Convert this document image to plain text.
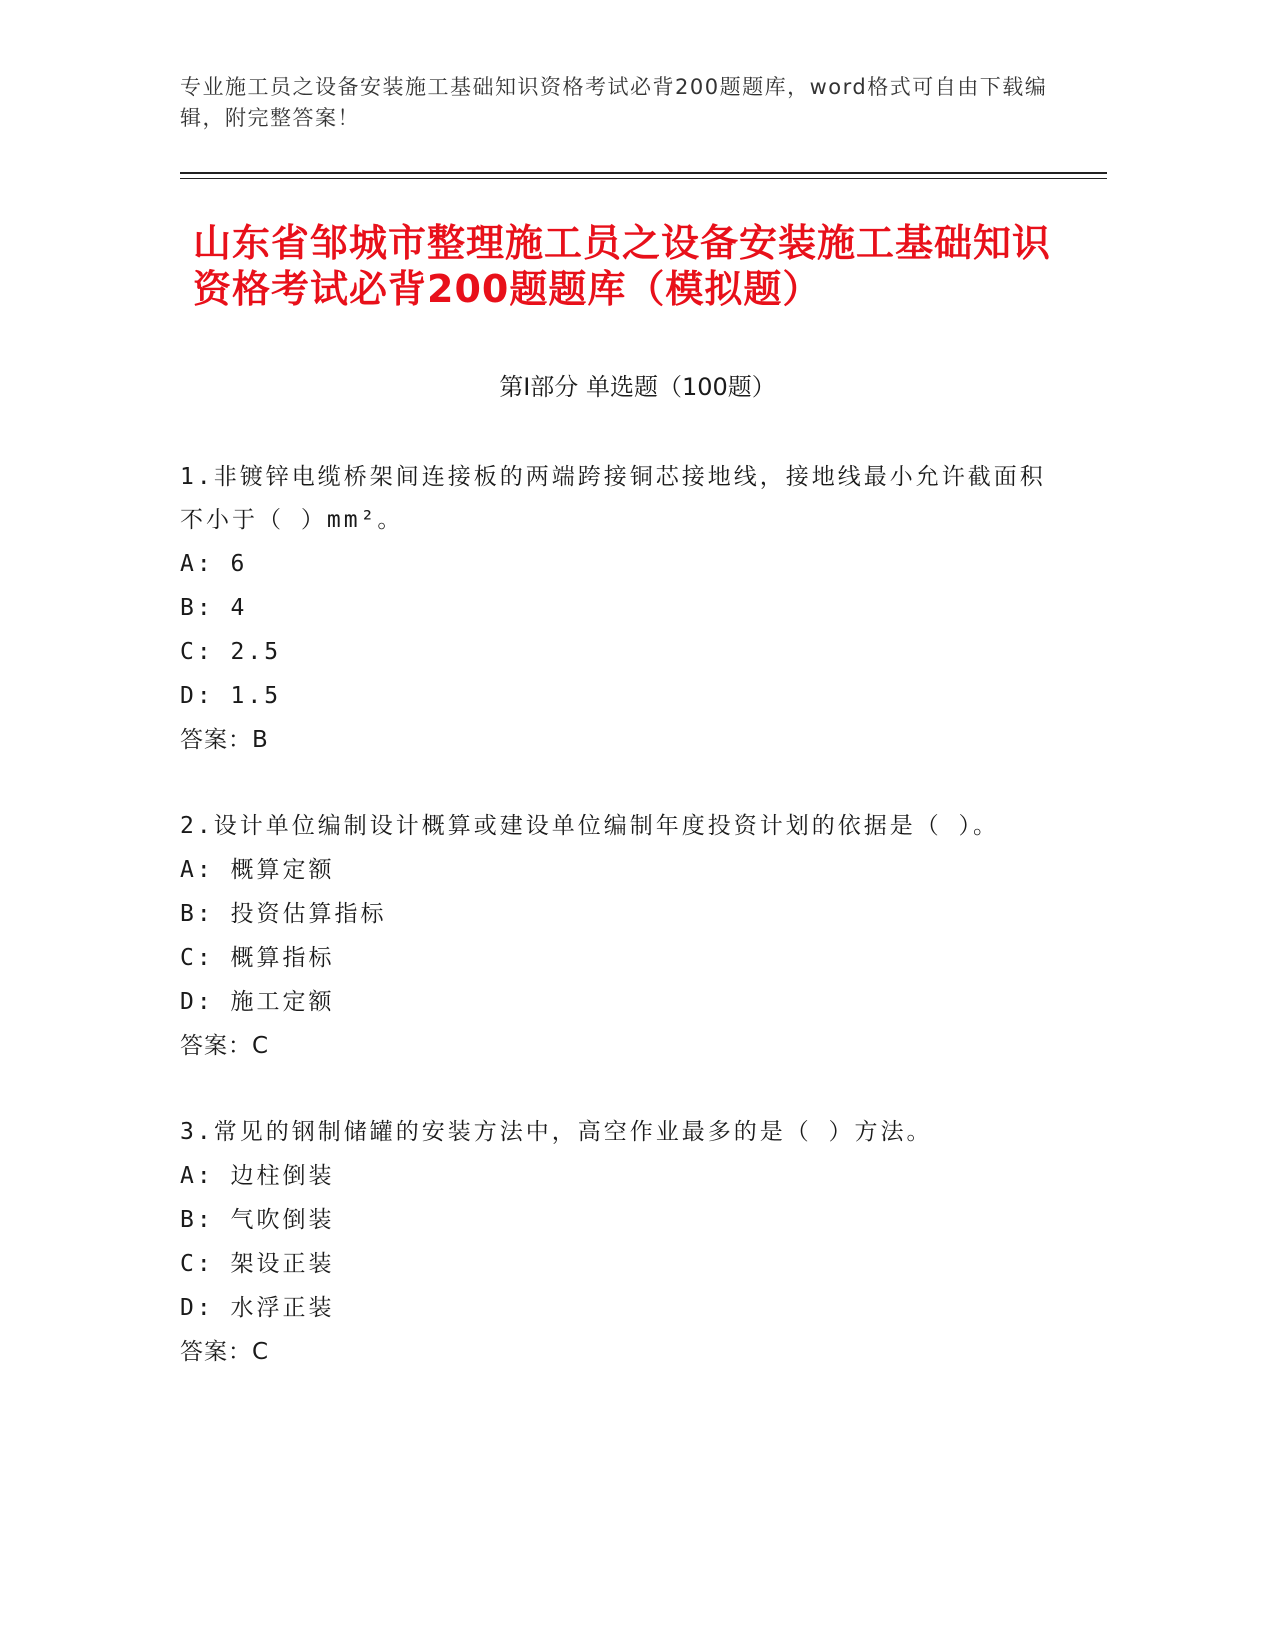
专业施工员之设备安装施工基础知识资格考试必背200题题库，word格式可自由下载编辑，附完整答案！
山东省邹城市整理施工员之设备安装施工基础知识资格考试必背200题题库（模拟题）
第Ⅰ部分 单选题（100题）

1.非镀锌电缆桥架间连接板的两端跨接铜芯接地线，接地线最小允许截面积不小于（ ）mm²。

A: 6

B: 4

C: 2.5

D: 1.5

答案：B

2.设计单位编制设计概算或建设单位编制年度投资计划的依据是（ ）。

A: 概算定额

B: 投资估算指标

C: 概算指标

D: 施工定额

答案：C

3.常见的钢制储罐的安装方法中，高空作业最多的是（ ）方法。

A: 边柱倒装

B: 气吹倒装

C: 架设正装

D: 水浮正装

答案：C
